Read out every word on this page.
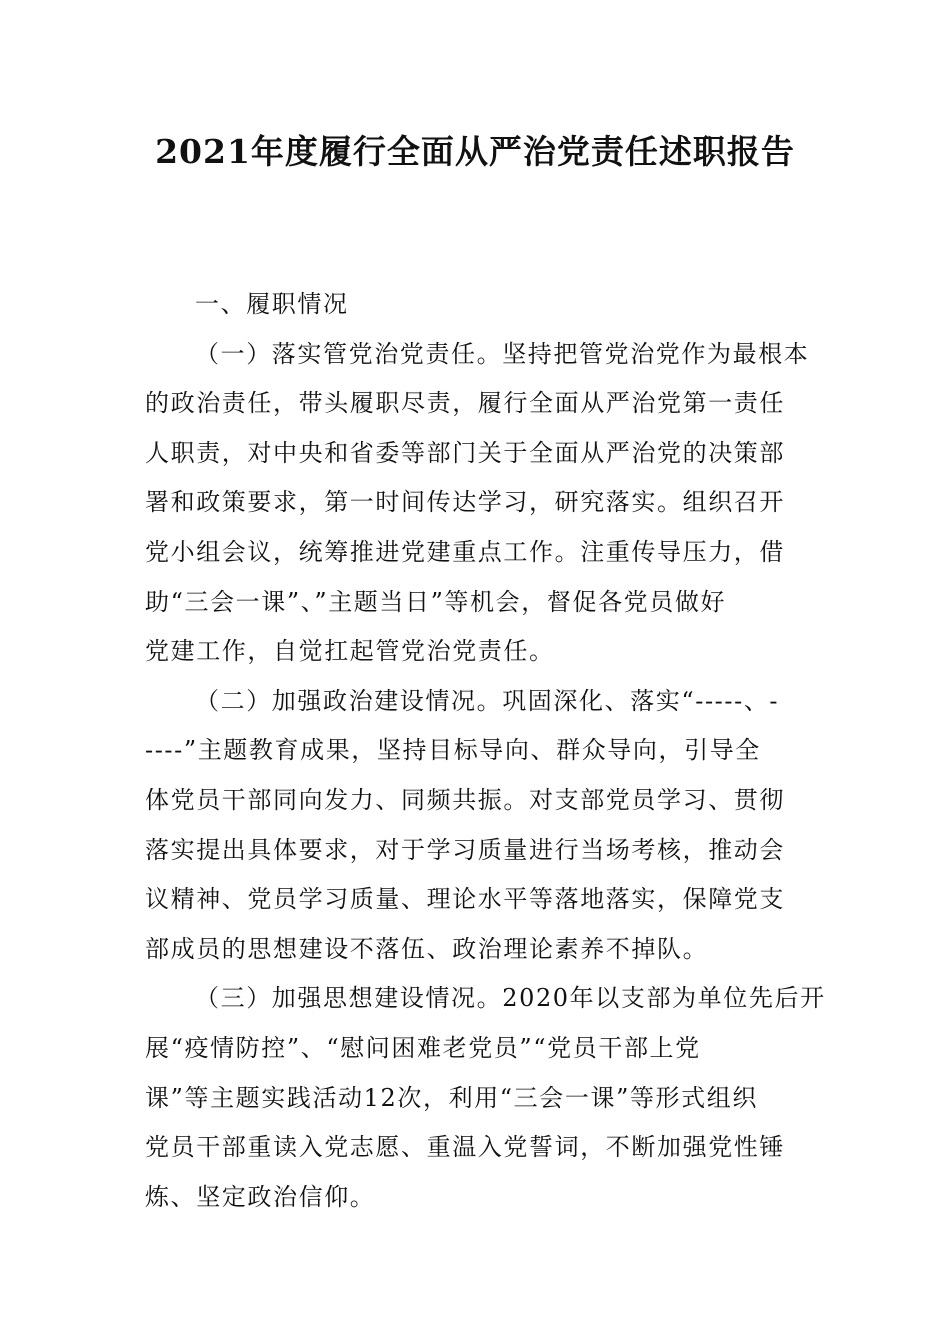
2021年度履行全面从严治党责任述职报告
一、履职情况
（一）落实管党治党责任。坚持把管党治党作为最根本
的政治责任，带头履职尽责，履行全面从严治党第一责任
人职责，对中央和省委等部门关于全面从严治党的决策部
署和政策要求，第一时间传达学习，研究落实。组织召开
党小组会议，统筹推进党建重点工作。注重传导压力，借
助“三会一课”、”主题当日”等机会，督促各党员做好
党建工作，自觉扛起管党治党责任。
（二）加强政治建设情况。巩固深化、落实“-----、-
----”主题教育成果，坚持目标导向、群众导向，引导全
体党员干部同向发力、同频共振。对支部党员学习、贯彻
落实提出具体要求，对于学习质量进行当场考核，推动会
议精神、党员学习质量、理论水平等落地落实，保障党支
部成员的思想建设不落伍、政治理论素养不掉队。
（三）加强思想建设情况。2020年以支部为单位先后开
展“疫情防控”、“慰问困难老党员”“党员干部上党
课”等主题实践活动12次，利用“三会一课”等形式组织
党员干部重读入党志愿、重温入党誓词，不断加强党性锤
炼、坚定政治信仰。
